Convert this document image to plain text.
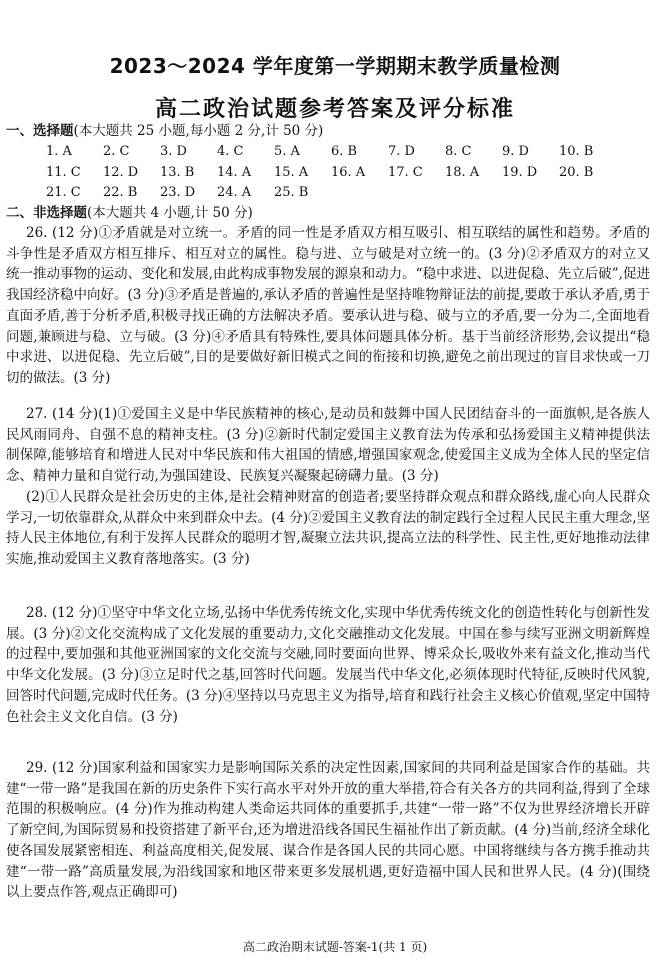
2023～2024 学年度第一学期期末教学质量检测
高二政治试题参考答案及评分标准
一、选择题(本大题共 25 小题,每小题 2 分,计 50 分)
1. A	2. C	3. D	4. C	5. A	6. B	7. D	8. C	9. D	10. B
11. C	12. D	13. B	14. A	15. A	16. A	17. C	18. A	19. D	20. B
21. C	22. B	23. D	24. A	25. B
二、非选择题(本大题共 4 小题,计 50 分)

26. (12 分)①矛盾就是对立统一。矛盾的同一性是矛盾双方相互吸引、相互联结的属性和趋势。矛盾的斗争性是矛盾双方相互排斥、相互对立的属性。稳与进、立与破是对立统一的。(3 分)②矛盾双方的对立又统一推动事物的运动、变化和发展,由此构成事物发展的源泉和动力。“稳中求进、以进促稳、先立后破”,促进我国经济稳中向好。(3 分)③矛盾是普遍的,承认矛盾的普遍性是坚持唯物辩证法的前提,要敢于承认矛盾,勇于直面矛盾,善于分析矛盾,积极寻找正确的方法解决矛盾。要承认进与稳、破与立的矛盾,要一分为二,全面地看问题,兼顾进与稳、立与破。(3 分)④矛盾具有特殊性,要具体问题具体分析。基于当前经济形势,会议提出“稳中求进、以进促稳、先立后破”,目的是要做好新旧模式之间的衔接和切换,避免之前出现过的盲目求快或一刀切的做法。(3 分)

27. (14 分)(1)①爱国主义是中华民族精神的核心,是动员和鼓舞中国人民团结奋斗的一面旗帜,是各族人民风雨同舟、自强不息的精神支柱。(3 分)②新时代制定爱国主义教育法为传承和弘扬爱国主义精神提供法制保障,能够培育和增进人民对中华民族和伟大祖国的情感,增强国家观念,使爱国主义成为全体人民的坚定信念、精神力量和自觉行动,为强国建设、民族复兴凝聚起磅礴力量。(3 分)

(2)①人民群众是社会历史的主体,是社会精神财富的创造者;要坚持群众观点和群众路线,虚心向人民群众学习,一切依靠群众,从群众中来到群众中去。(4 分)②爱国主义教育法的制定践行全过程人民民主重大理念,坚持人民主体地位,有利于发挥人民群众的聪明才智,凝聚立法共识,提高立法的科学性、民主性,更好地推动法律实施,推动爱国主义教育落地落实。(3 分)

28. (12 分)①坚守中华文化立场,弘扬中华优秀传统文化,实现中华优秀传统文化的创造性转化与创新性发展。(3 分)②文化交流构成了文化发展的重要动力,文化交融推动文化发展。中国在参与续写亚洲文明新辉煌的过程中,要加强和其他亚洲国家的文化交流与交融,同时要面向世界、博采众长,吸收外来有益文化,推动当代中华文化发展。(3 分)③立足时代之基,回答时代问题。发展当代中华文化,必须体现时代特征,反映时代风貌,回答时代问题,完成时代任务。(3 分)④坚持以马克思主义为指导,培育和践行社会主义核心价值观,坚定中国特色社会主义文化自信。(3 分)

29. (12 分)国家利益和国家实力是影响国际关系的决定性因素,国家间的共同利益是国家合作的基础。共建“一带一路”是我国在新的历史条件下实行高水平对外开放的重大举措,符合有关各方的共同利益,得到了全球范围的积极响应。(4 分)作为推动构建人类命运共同体的重要抓手,共建“一带一路”不仅为世界经济增长开辟了新空间,为国际贸易和投资搭建了新平台,还为增进沿线各国民生福祉作出了新贡献。(4 分)当前,经济全球化使各国发展紧密相连、利益高度相关,促发展、谋合作是各国人民的共同心愿。中国将继续与各方携手推动共建“一带一路”高质量发展,为沿线国家和地区带来更多发展机遇,更好造福中国人民和世界人民。(4 分)(围绕以上要点作答,观点正确即可)

高二政治期末试题-答案-1(共 1 页)
